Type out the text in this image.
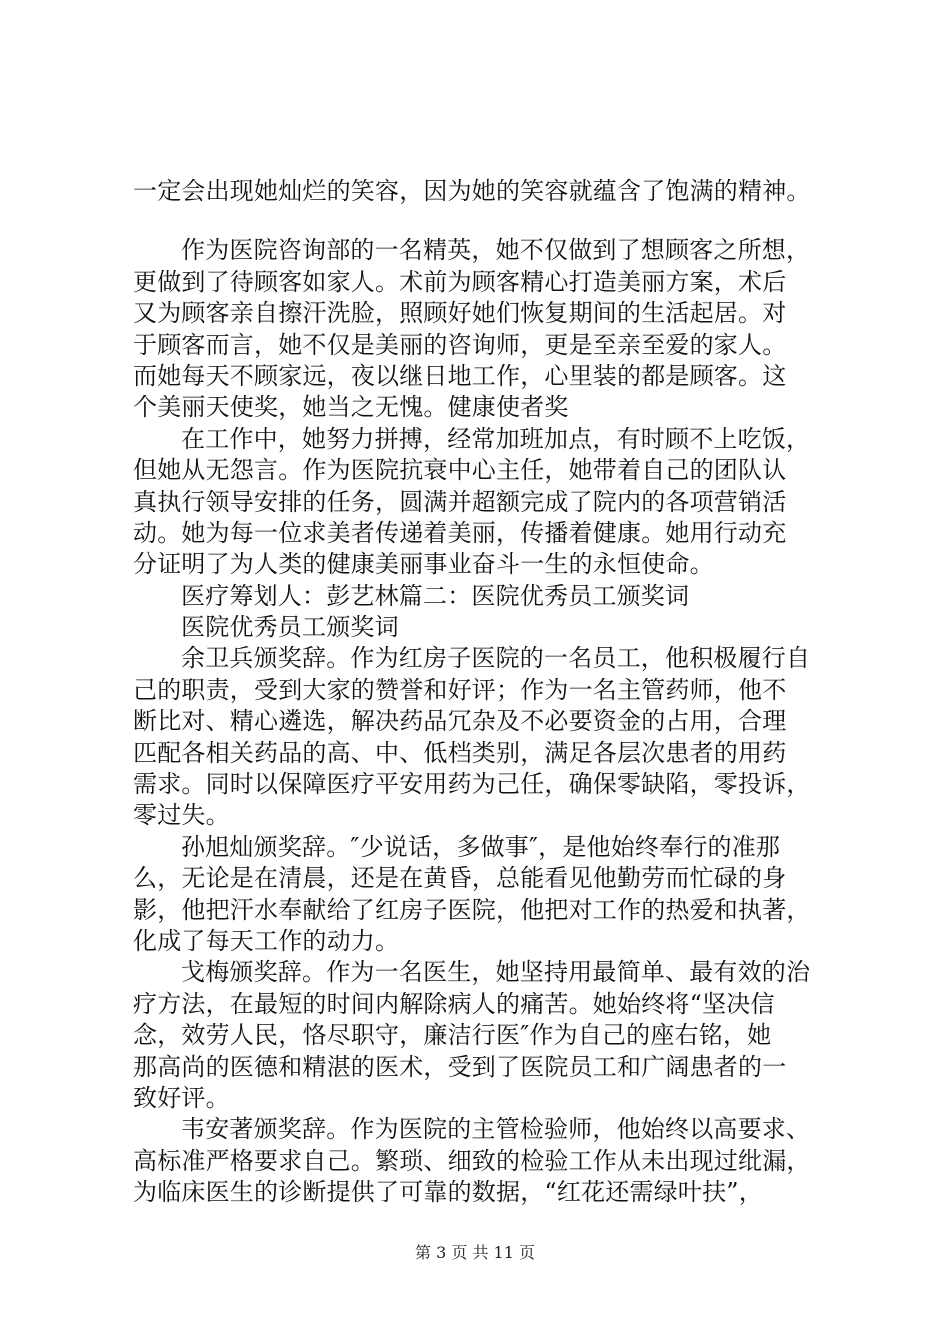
一定会出现她灿烂的笑容，因为她的笑容就蕴含了饱满的精神。
作为医院咨询部的一名精英，她不仅做到了想顾客之所想，
更做到了待顾客如家人。术前为顾客精心打造美丽方案，术后
又为顾客亲自擦汗洗脸，照顾好她们恢复期间的生活起居。对
于顾客而言，她不仅是美丽的咨询师，更是至亲至爱的家人。
而她每天不顾家远，夜以继日地工作，心里装的都是顾客。这
个美丽天使奖，她当之无愧。健康使者奖
在工作中，她努力拼搏，经常加班加点，有时顾不上吃饭，
但她从无怨言。作为医院抗衰中心主任，她带着自己的团队认
真执行领导安排的任务，圆满并超额完成了院内的各项营销活
动。她为每一位求美者传递着美丽，传播着健康。她用行动充
分证明了为人类的健康美丽事业奋斗一生的永恒使命。
医疗筹划人：彭艺林篇二：医院优秀员工颁奖词
医院优秀员工颁奖词
余卫兵颁奖辞。作为红房子医院的一名员工，他积极履行自
己的职责，受到大家的赞誉和好评；作为一名主管药师，他不
断比对、精心遴选，解决药品冗杂及不必要资金的占用，合理
匹配各相关药品的高、中、低档类别，满足各层次患者的用药
需求。同时以保障医疗平安用药为己任，确保零缺陷，零投诉，
零过失。
孙旭灿颁奖辞。″少说话，多做事″，是他始终奉行的准那
么，无论是在清晨，还是在黄昏，总能看见他勤劳而忙碌的身
影，他把汗水奉献给了红房子医院，他把对工作的热爱和执著，
化成了每天工作的动力。
戈梅颁奖辞。作为一名医生，她坚持用最简单、最有效的治
疗方法，在最短的时间内解除病人的痛苦。她始终将“坚决信
念，效劳人民，恪尽职守，廉洁行医″作为自己的座右铭，她
那高尚的医德和精湛的医术，受到了医院员工和广阔患者的一
致好评。
韦安著颁奖辞。作为医院的主管检验师，他始终以高要求、
高标准严格要求自己。繁琐、细致的检验工作从未出现过纰漏，
为临床医生的诊断提供了可靠的数据，“红花还需绿叶扶”，
第 3 页 共 11 页
